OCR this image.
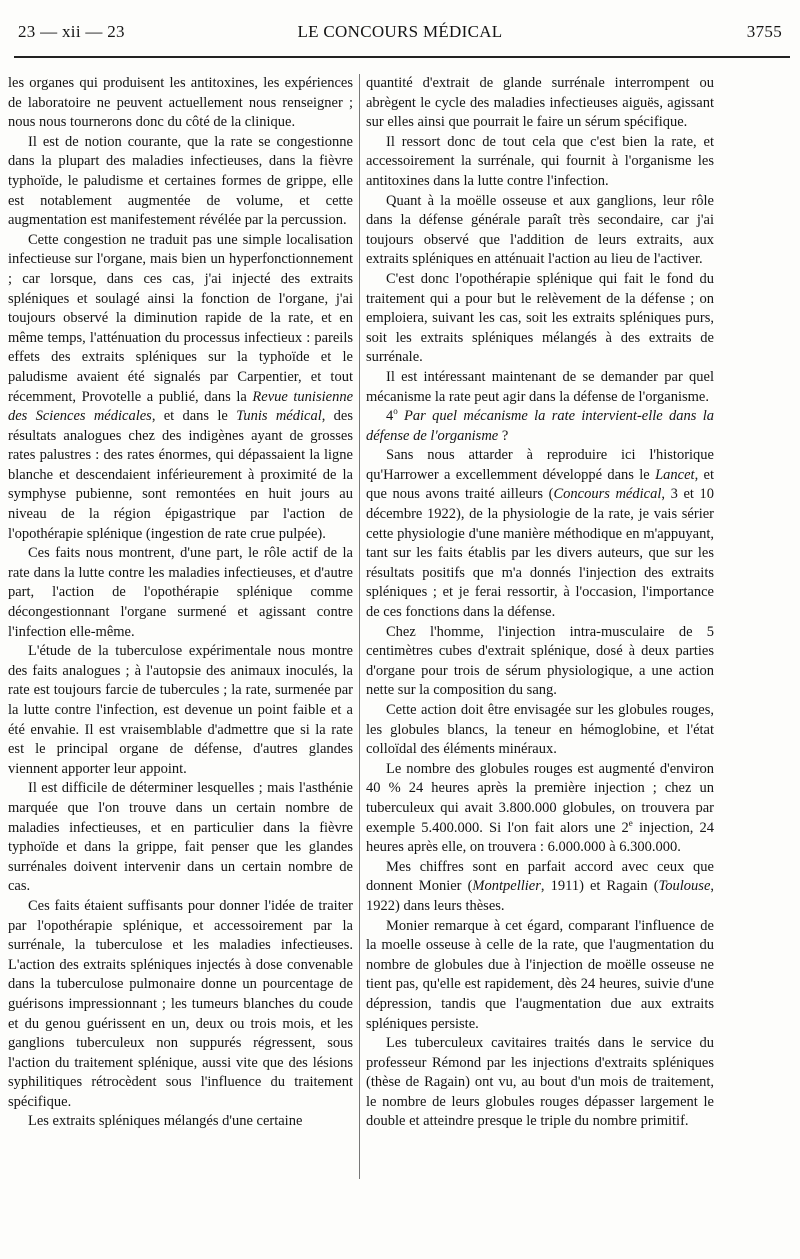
23 — xii — 23	LE CONCOURS MÉDICAL	3755

les organes qui produisent les antitoxines, les expériences de laboratoire ne peuvent actuellement nous renseigner ; nous nous tournerons donc du côté de la clinique.

Il est de notion courante, que la rate se congestionne dans la plupart des maladies infectieuses, dans la fièvre typhoïde, le paludisme et certaines formes de grippe, elle est notablement augmentée de volume, et cette augmentation est manifestement révélée par la percussion.

Cette congestion ne traduit pas une simple localisation infectieuse sur l'organe, mais bien un hyperfonctionnement ; car lorsque, dans ces cas, j'ai injecté des extraits spléniques et soulagé ainsi la fonction de l'organe, j'ai toujours observé la diminution rapide de la rate, et en même temps, l'atténuation du processus infectieux : pareils effets des extraits spléniques sur la typhoïde et le paludisme avaient été signalés par Carpentier, et tout récemment, Provotelle a publié, dans la Revue tunisienne des Sciences médicales, et dans le Tunis médical, des résultats analogues chez des indigènes ayant de grosses rates palustres : des rates énormes, qui dépassaient la ligne blanche et descendaient inférieurement à proximité de la symphyse pubienne, sont remontées en huit jours au niveau de la région épigastrique par l'action de l'opothérapie splénique (ingestion de rate crue pulpée).

Ces faits nous montrent, d'une part, le rôle actif de la rate dans la lutte contre les maladies infectieuses, et d'autre part, l'action de l'opothérapie splénique comme décongestionnant l'organe surmené et agissant contre l'infection elle-même.

L'étude de la tuberculose expérimentale nous montre des faits analogues ; à l'autopsie des animaux inoculés, la rate est toujours farcie de tubercules ; la rate, surmenée par la lutte contre l'infection, est devenue un point faible et a été envahie. Il est vraisemblable d'admettre que si la rate est le principal organe de défense, d'autres glandes viennent apporter leur appoint.

Il est difficile de déterminer lesquelles ; mais l'asthénie marquée que l'on trouve dans un certain nombre de maladies infectieuses, et en particulier dans la fièvre typhoïde et dans la grippe, fait penser que les glandes surrénales doivent intervenir dans un certain nombre de cas.

Ces faits étaient suffisants pour donner l'idée de traiter par l'opothérapie splénique, et accessoirement par la surrénale, la tuberculose et les maladies infectieuses. L'action des extraits spléniques injectés à dose convenable dans la tuberculose pulmonaire donne un pourcentage de guérisons impressionnant ; les tumeurs blanches du coude et du genou guérissent en un, deux ou trois mois, et les ganglions tuberculeux non suppurés régressent, sous l'action du traitement splénique, aussi vite que des lésions syphilitiques rétrocèdent sous l'influence du traitement spécifique.

Les extraits spléniques mélangés d'une certaine

quantité d'extrait de glande surrénale interrompent ou abrègent le cycle des maladies infectieuses aiguës, agissant sur elles ainsi que pourrait le faire un sérum spécifique.

Il ressort donc de tout cela que c'est bien la rate, et accessoirement la surrénale, qui fournit à l'organisme les antitoxines dans la lutte contre l'infection.

Quant à la moëlle osseuse et aux ganglions, leur rôle dans la défense générale paraît très secondaire, car j'ai toujours observé que l'addition de leurs extraits, aux extraits spléniques en atténuait l'action au lieu de l'activer.

C'est donc l'opothérapie splénique qui fait le fond du traitement qui a pour but le relèvement de la défense ; on emploiera, suivant les cas, soit les extraits spléniques purs, soit les extraits spléniques mélangés à des extraits de surrénale.

Il est intéressant maintenant de se demander par quel mécanisme la rate peut agir dans la défense de l'organisme.

4$^o$ Par quel mécanisme la rate intervient-elle dans la défense de l'organisme ?

Sans nous attarder à reproduire ici l'historique qu'Harrower a excellemment développé dans le Lancet, et que nous avons traité ailleurs (Concours médical, 3 et 10 décembre 1922), de la physiologie de la rate, je vais sérier cette physiologie d'une manière méthodique en m'appuyant, tant sur les faits établis par les divers auteurs, que sur les résultats positifs que m'a donnés l'injection des extraits spléniques ; et je ferai ressortir, à l'occasion, l'importance de ces fonctions dans la défense.

Chez l'homme, l'injection intra-musculaire de 5 centimètres cubes d'extrait splénique, dosé à deux parties d'organe pour trois de sérum physiologique, a une action nette sur la composition du sang.

Cette action doit être envisagée sur les globules rouges, les globules blancs, la teneur en hémoglobine, et l'état colloïdal des éléments minéraux.

Le nombre des globules rouges est augmenté d'environ 40 % 24 heures après la première injection ; chez un tuberculeux qui avait 3.800.000 globules, on trouvera par exemple 5.400.000. Si l'on fait alors une 2e injection, 24 heures après elle, on trouvera : 6.000.000 à 6.300.000.

Mes chiffres sont en parfait accord avec ceux que donnent Monier (Montpellier, 1911) et Ragain (Toulouse, 1922) dans leurs thèses.

Monier remarque à cet égard, comparant l'influence de la moelle osseuse à celle de la rate, que l'augmentation du nombre de globules due à l'injection de moëlle osseuse ne tient pas, qu'elle est rapidement, dès 24 heures, suivie d'une dépression, tandis que l'augmentation due aux extraits spléniques persiste.

Les tuberculeux cavitaires traités dans le service du professeur Rémond par les injections d'extraits spléniques (thèse de Ragain) ont vu, au bout d'un mois de traitement, le nombre de leurs globules rouges dépasser largement le double et atteindre presque le triple du nombre primitif.
